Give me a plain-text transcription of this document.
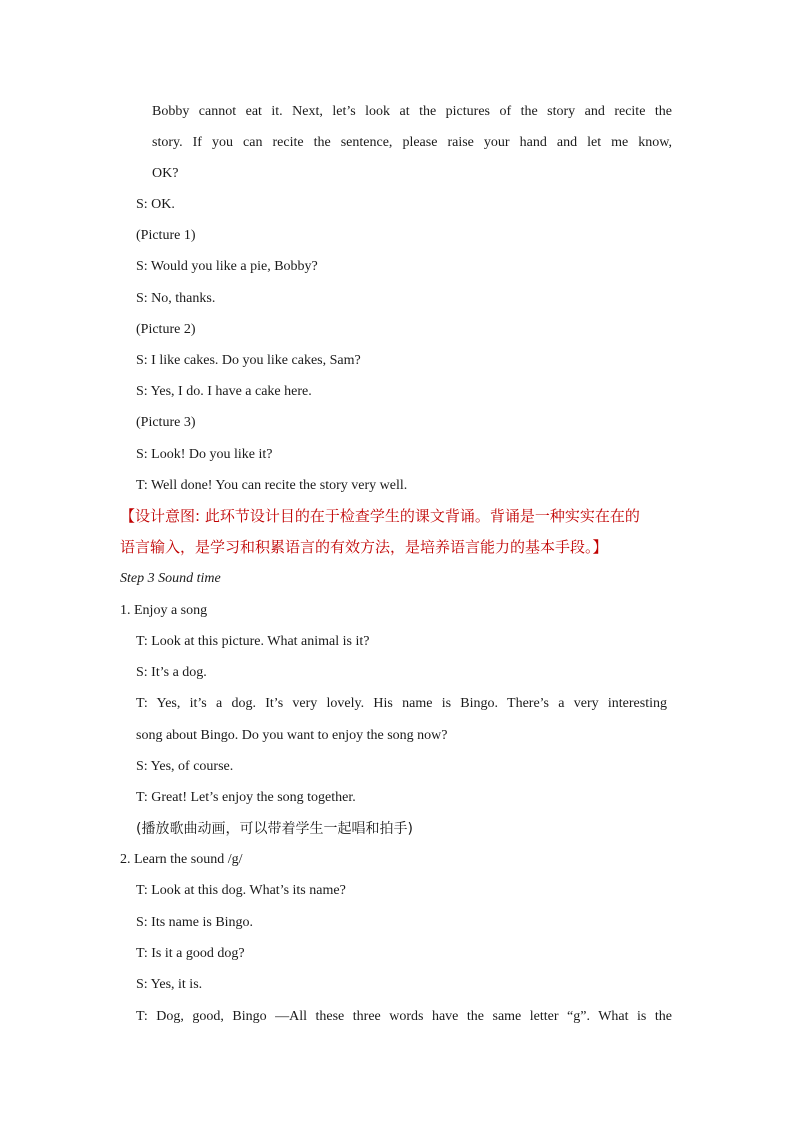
Bobby cannot eat it. Next, let’s look at the pictures of the story and recite the
story. If you can recite the sentence, please raise your hand and let me know,
OK?
S: OK.
(Picture 1)
S: Would you like a pie, Bobby?
S: No, thanks.
(Picture 2)
S: I like cakes. Do you like cakes, Sam?
S: Yes, I do. I have a cake here.
(Picture 3)
S: Look! Do you like it?
T: Well done! You can recite the story very well.
【设计意图: 此环节设计目的在于检查学生的课文背诵。背诵是一种实实在在的
语言输入，是学习和积累语言的有效方法，是培养语言能力的基本手段。】
Step 3 Sound time
1. Enjoy a song
T: Look at this picture. What animal is it?
S: It’s a dog.
T: Yes, it’s a dog. It’s very lovely. His name is Bingo. There’s a very interesting
song about Bingo. Do you want to enjoy the song now?
S: Yes, of course.
T: Great! Let’s enjoy the song together.
(播放歌曲动画，可以带着学生一起唱和拍手)
2. Learn the sound /g/
T: Look at this dog. What’s its name?
S: Its name is Bingo.
T: Is it a good dog?
S: Yes, it is.
T: Dog, good, Bingo —All these three words have the same letter “g”. What is the
